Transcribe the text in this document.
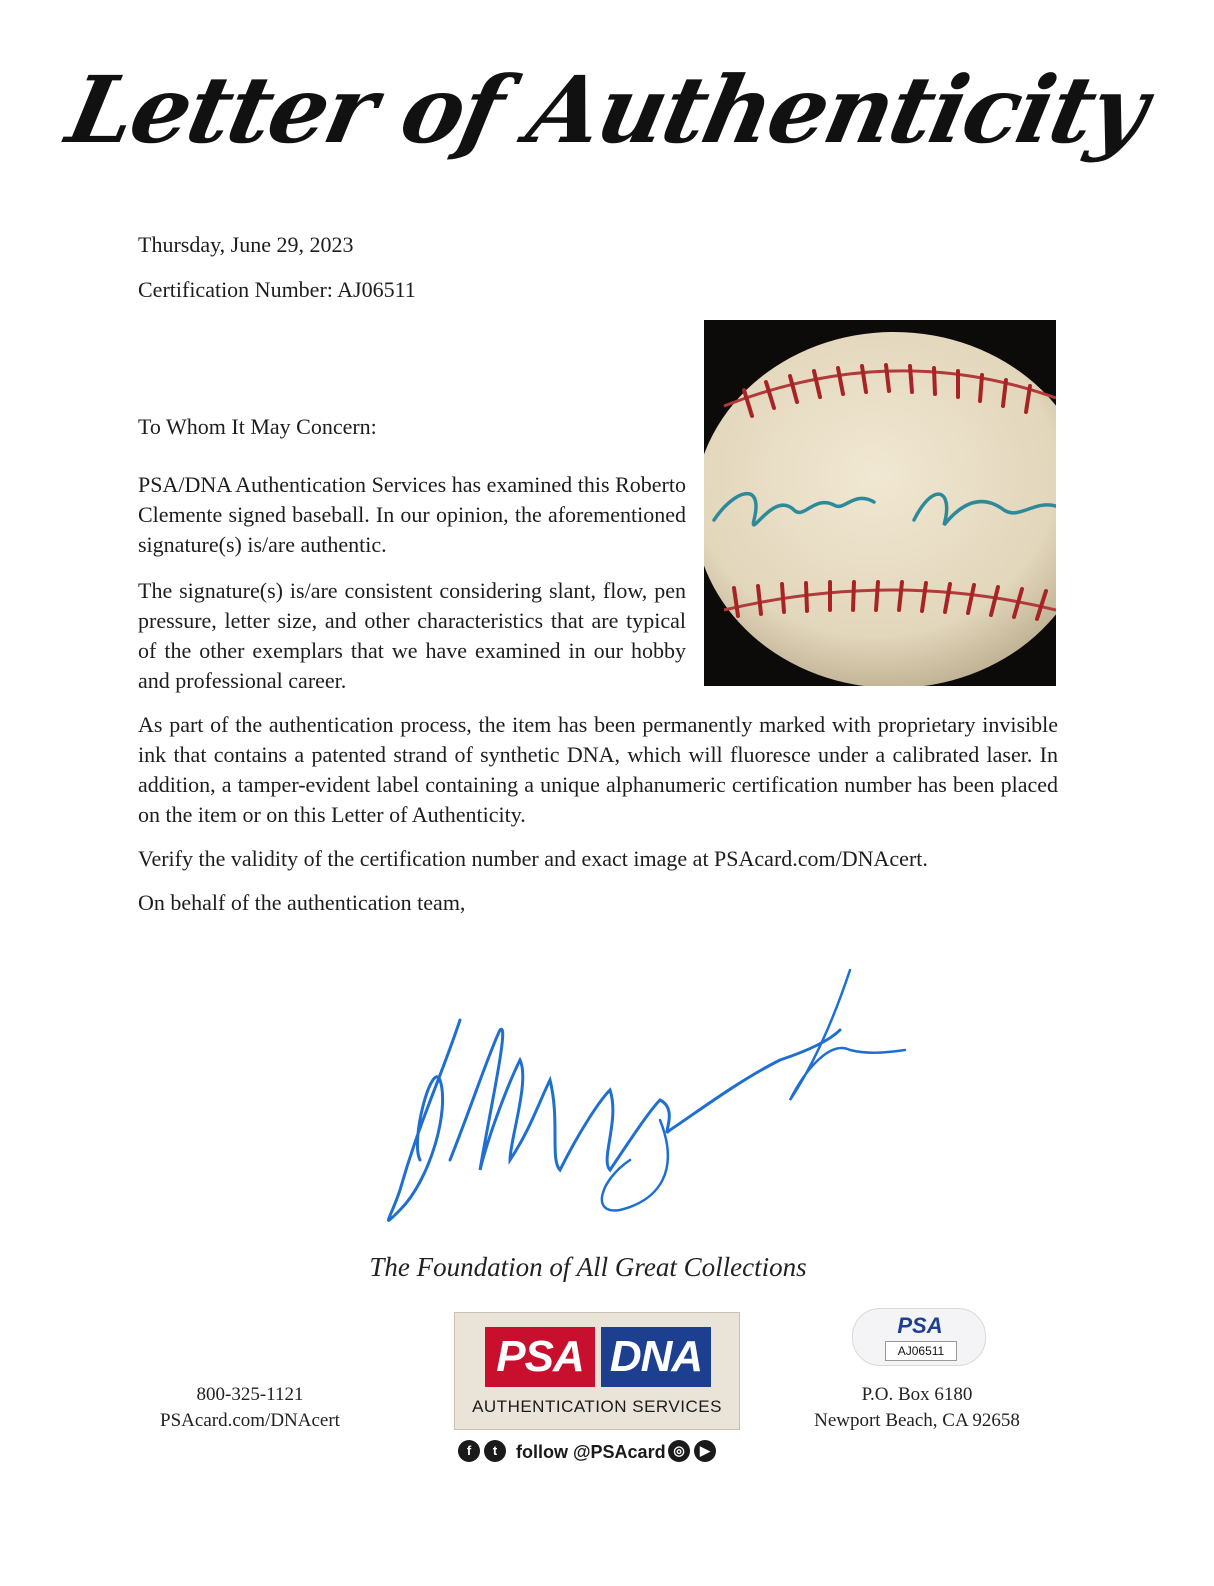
Letter of Authenticity
Thursday, June 29, 2023
Certification Number: AJ06511
To Whom It May Concern:
PSA/DNA Authentication Services has examined this Roberto Clemente signed baseball. In our opinion, the aforementioned signature(s) is/are authentic.
The signature(s) is/are consistent considering slant, flow, pen pressure, letter size, and other characteristics that are typical of the other exemplars that we have examined in our hobby and professional career.
As part of the authentication process, the item has been permanently marked with proprietary invisible ink that contains a patented strand of synthetic DNA, which will fluoresce under a calibrated laser. In addition, a tamper-evident label containing a unique alphanumeric certification number has been placed on the item or on this Letter of Authenticity.
Verify the validity of the certification number and exact image at PSAcard.com/DNAcert.
On behalf of the authentication team,
The Foundation of All Great Collections
800-325-1121
PSAcard.com/DNAcert
PSA DNA
AUTHENTICATION SERVICES
f	t	follow @PSAcard ◎	▶
P.O. Box 6180
Newport Beach, CA 92658
PSA
AJ06511
